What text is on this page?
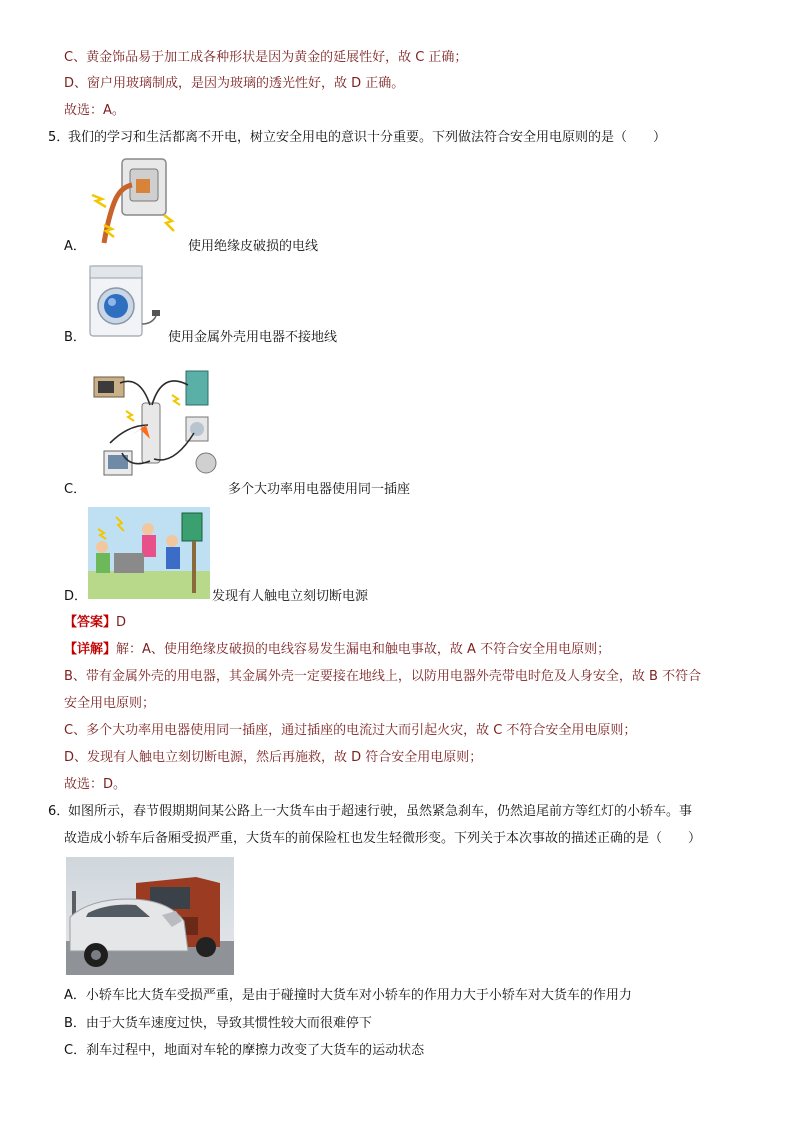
C、黄金饰品易于加工成各种形状是因为黄金的延展性好，故 C 正确；
D、窗户用玻璃制成，是因为玻璃的透光性好，故 D 正确。
故选：A。
5．
我们的学习和生活都离不开电，树立安全用电的意识十分重要。下列做法符合安全用电原则的是（　　）
A．	使用绝缘皮破损的电线
B．	使用金属外壳用电器不接地线
C．	多个大功率用电器使用同一插座
D．	发现有人触电立刻切断电源
【答案】D
【详解】解：A、使用绝缘皮破损的电线容易发生漏电和触电事故，故 A 不符合安全用电原则；
B、带有金属外壳的用电器，其金属外壳一定要接在地线上，以防用电器外壳带电时危及人身安全，故 B 不符合
安全用电原则；
C、多个大功率用电器使用同一插座，通过插座的电流过大而引起火灾，故 C 不符合安全用电原则；
D、发现有人触电立刻切断电源，然后再施救，故 D 符合安全用电原则；
故选：D。
6．
如图所示，春节假期期间某公路上一大货车由于超速行驶，虽然紧急刹车，仍然追尾前方等红灯的小轿车。事
故造成小轿车后备厢受损严重，大货车的前保险杠也发生轻微形变。下列关于本次事故的描述正确的是（　　）
A．小轿车比大货车受损严重，是由于碰撞时大货车对小轿车的作用力大于小轿车对大货车的作用力
B．由于大货车速度过快，导致其惯性较大而很难停下
C．刹车过程中，地面对车轮的摩擦力改变了大货车的运动状态
